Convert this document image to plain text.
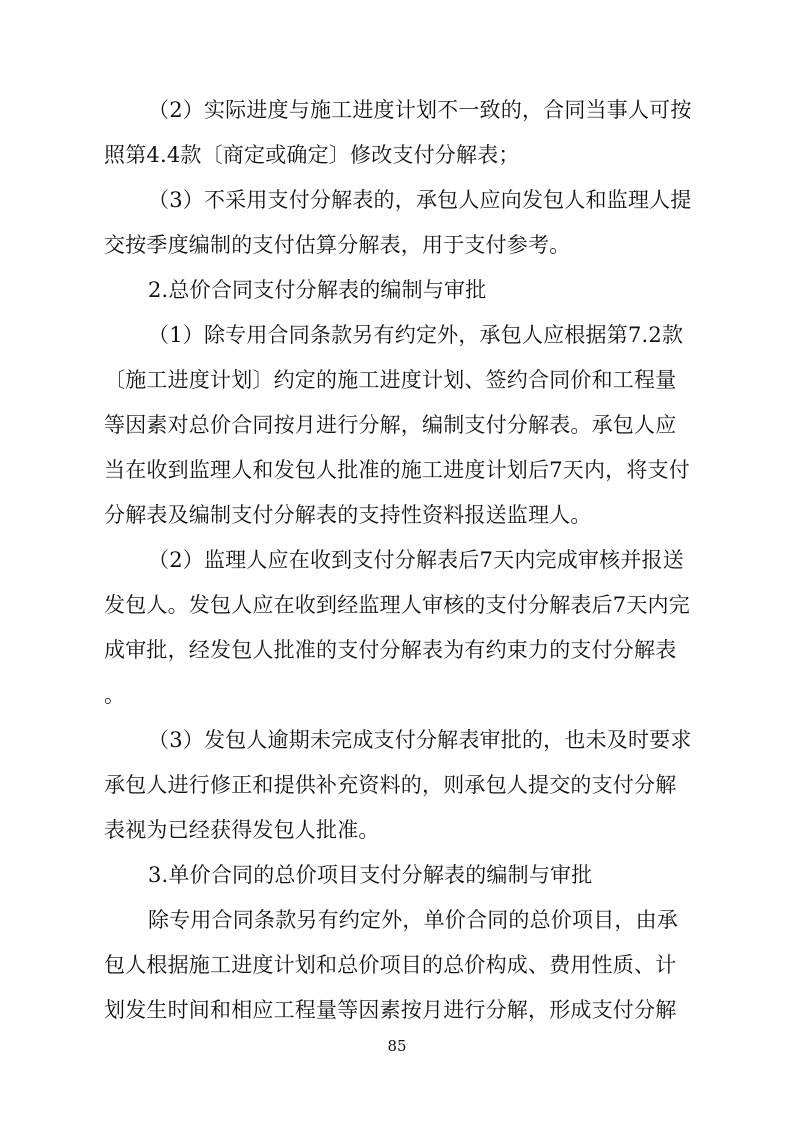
（2）实际进度与施工进度计划不一致的，合同当事人可按
照第4.4款〔商定或确定〕修改支付分解表；
（3）不采用支付分解表的，承包人应向发包人和监理人提
交按季度编制的支付估算分解表，用于支付参考。
2.总价合同支付分解表的编制与审批
（1）除专用合同条款另有约定外，承包人应根据第7.2款
〔施工进度计划〕约定的施工进度计划、签约合同价和工程量
等因素对总价合同按月进行分解，编制支付分解表。承包人应
当在收到监理人和发包人批准的施工进度计划后7天内，将支付
分解表及编制支付分解表的支持性资料报送监理人。
（2）监理人应在收到支付分解表后7天内完成审核并报送
发包人。发包人应在收到经监理人审核的支付分解表后7天内完
成审批，经发包人批准的支付分解表为有约束力的支付分解表
。
（3）发包人逾期未完成支付分解表审批的，也未及时要求
承包人进行修正和提供补充资料的，则承包人提交的支付分解
表视为已经获得发包人批准。
3.单价合同的总价项目支付分解表的编制与审批
除专用合同条款另有约定外，单价合同的总价项目，由承
包人根据施工进度计划和总价项目的总价构成、费用性质、计
划发生时间和相应工程量等因素按月进行分解，形成支付分解
85
